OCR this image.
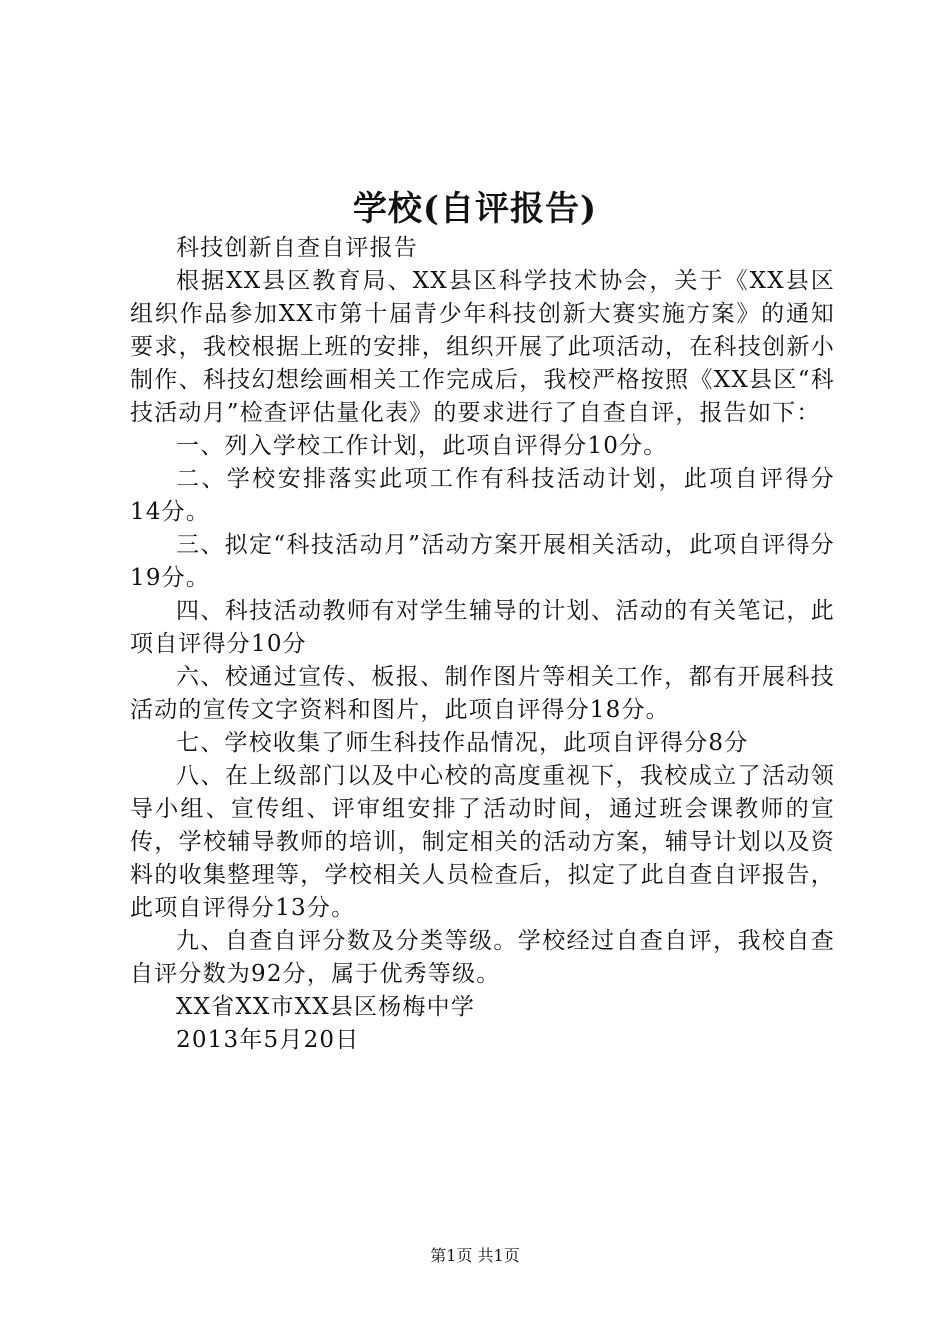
学校(自评报告)

科技创新自查自评报告

根据XX县区教育局、XX县区科学技术协会，关于《XX县区组织作品参加XX市第十届青少年科技创新大赛实施方案》的通知要求，我校根据上班的安排，组织开展了此项活动，在科技创新小制作、科技幻想绘画相关工作完成后，我校严格按照《XX县区“科技活动月”检查评估量化表》的要求进行了自查自评，报告如下：

一、列入学校工作计划，此项自评得分10分。

二、学校安排落实此项工作有科技活动计划，此项自评得分14分。

三、拟定“科技活动月”活动方案开展相关活动，此项自评得分19分。

四、科技活动教师有对学生辅导的计划、活动的有关笔记，此项自评得分10分

六、校通过宣传、板报、制作图片等相关工作，都有开展科技活动的宣传文字资料和图片，此项自评得分18分。

七、学校收集了师生科技作品情况，此项自评得分8分

八、在上级部门以及中心校的高度重视下，我校成立了活动领导小组、宣传组、评审组安排了活动时间，通过班会课教师的宣传，学校辅导教师的培训，制定相关的活动方案，辅导计划以及资料的收集整理等，学校相关人员检查后，拟定了此自查自评报告，此项自评得分13分。

九、自查自评分数及分类等级。学校经过自查自评，我校自查自评分数为92分，属于优秀等级。

XX省XX市XX县区杨梅中学

2013年5月20日

第1页 共1页
